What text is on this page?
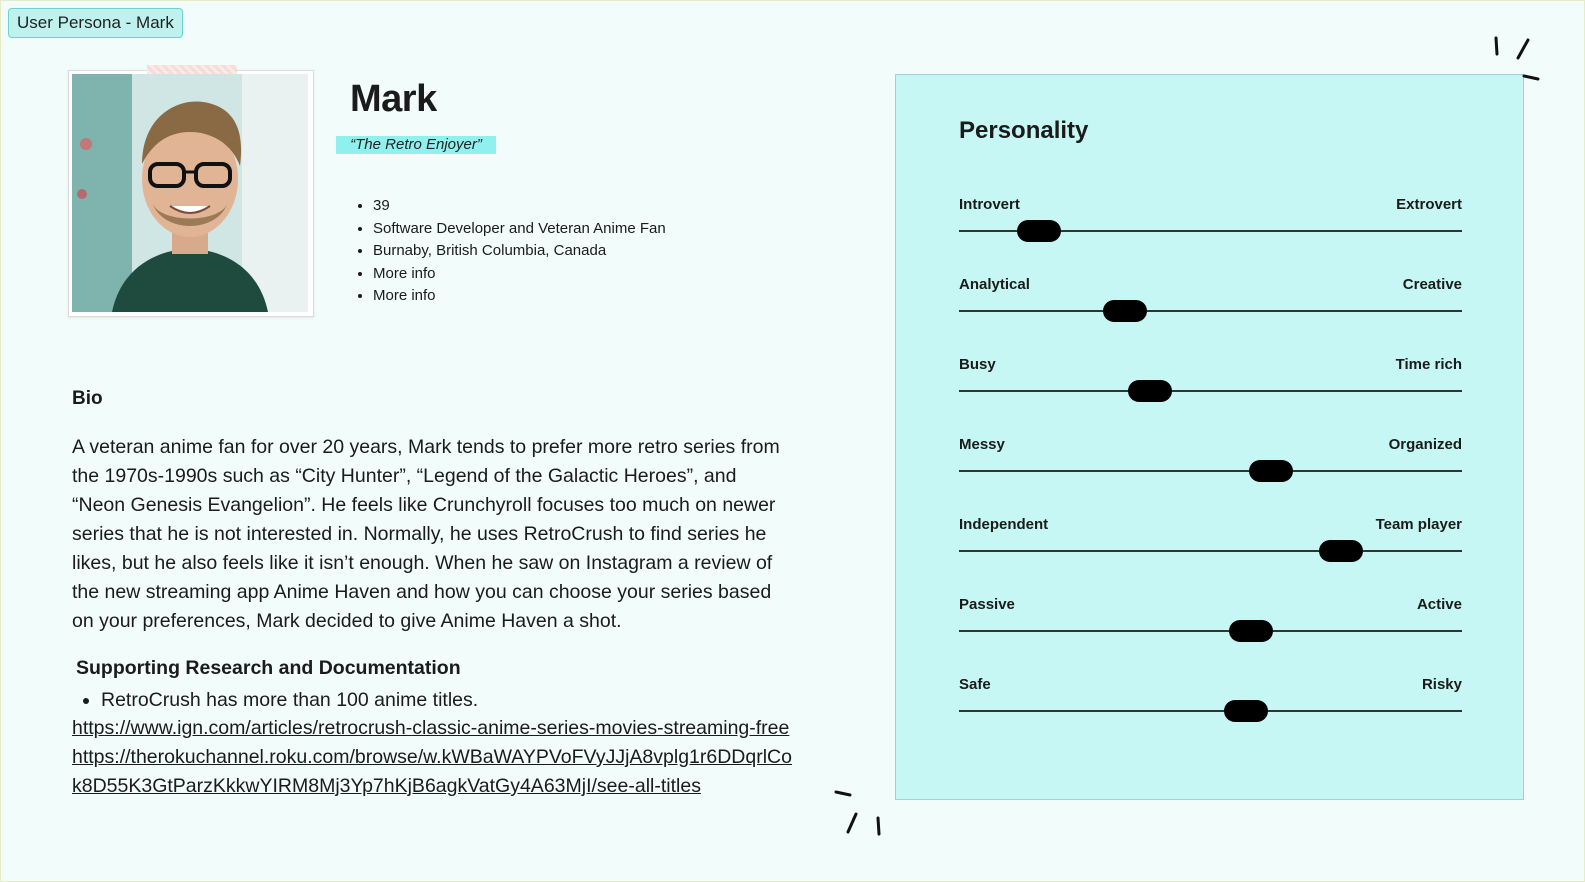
User Persona - Mark
Mark
“The Retro Enjoyer”
• 39
• Software Developer and Veteran Anime Fan
• Burnaby, British Columbia, Canada
• More info
• More info
Bio

A veteran anime fan for over 20 years, Mark tends to prefer more retro series from the 1970s-1990s such as “City Hunter”, “Legend of the Galactic Heroes”, and “Neon Genesis Evangelion”. He feels like Crunchyroll focuses too much on newer series that he is not interested in. Normally, he uses RetroCrush to find series he likes, but he also feels like it isn’t enough. When he saw on Instagram a review of the new streaming app Anime Haven and how you can choose your series based on your preferences, Mark decided to give Anime Haven a shot.

Supporting Research and Documentation
• RetroCrush has more than 100 anime titles.
https://www.ign.com/articles/retrocrush-classic-anime-series-movies-streaming-free
https://therokuchannel.roku.com/browse/w.kWBaWAYPVoFVyJJjA8vplg1r6DDqrlCok8D55K3GtParzKkkwYIRM8Mj3Yp7hKjB6agkVatGy4A63MjI/see-all-titles
Personality
Introvert	Extrovert
Analytical	Creative
Busy	Time rich
Messy	Organized
Independent	Team player
Passive	Active
Safe	Risky
